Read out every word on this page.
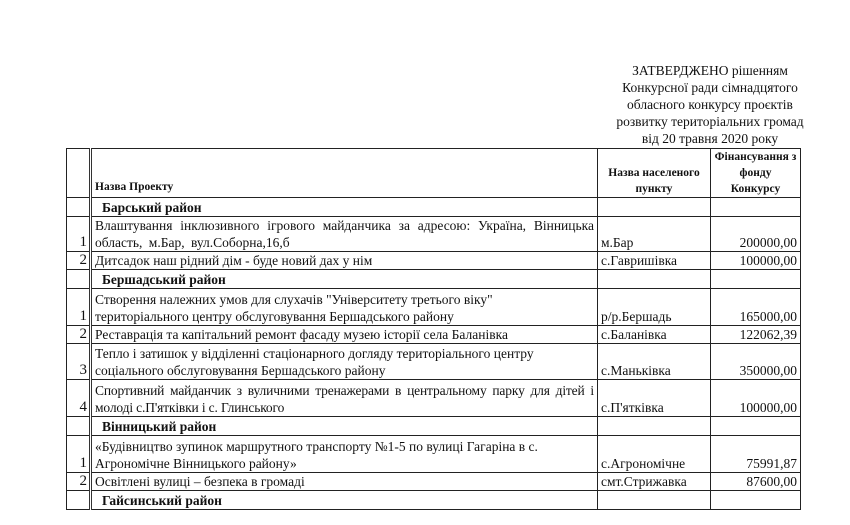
ЗАТВЕРДЖЕНО рішенням
Конкурсної ради сімнадцятого
обласного конкурсу проєктів
розвитку територіальних громад
від 20 травня 2020 року
	Назва Проекту	Назва населеного пункту	Фінансування з фонду Конкурсу
	Барський район		
1	Влаштування інклюзивного ігрового майданчика за адресою: Україна, Вінницька область, м.Бар, вул.Соборна,16,б	м.Бар	200000,00
2	Дитсадок наш рідний дім - буде новий дах у нім	с.Гавришівка	100000,00
	Бершадський район		
1	Створення належних умов для слухачів "Університету третього віку" територіального центру обслуговування Бершадського району	р/р.Бершадь	165000,00
2	Реставрація та капітальний ремонт фасаду музею історії села Баланівка	с.Баланівка	122062,39
3	Тепло і затишок у відділенні стаціонарного догляду територіального центру соціального обслуговування Бершадського району	с.Маньківка	350000,00
4	Спортивний майданчик з вуличними тренажерами в центральному парку для дітей і молоді с.П'ятківки і с. Глинського	с.П'ятківка	100000,00
	Вінницький район		
1	«Будівництво зупинок маршрутного транспорту №1-5 по вулиці Гагаріна в с. Агрономічне Вінницького району»	с.Агрономічне	75991,87
2	Освітлені вулиці – безпека в громаді	смт.Стрижавка	87600,00
	Гайсинський район		
